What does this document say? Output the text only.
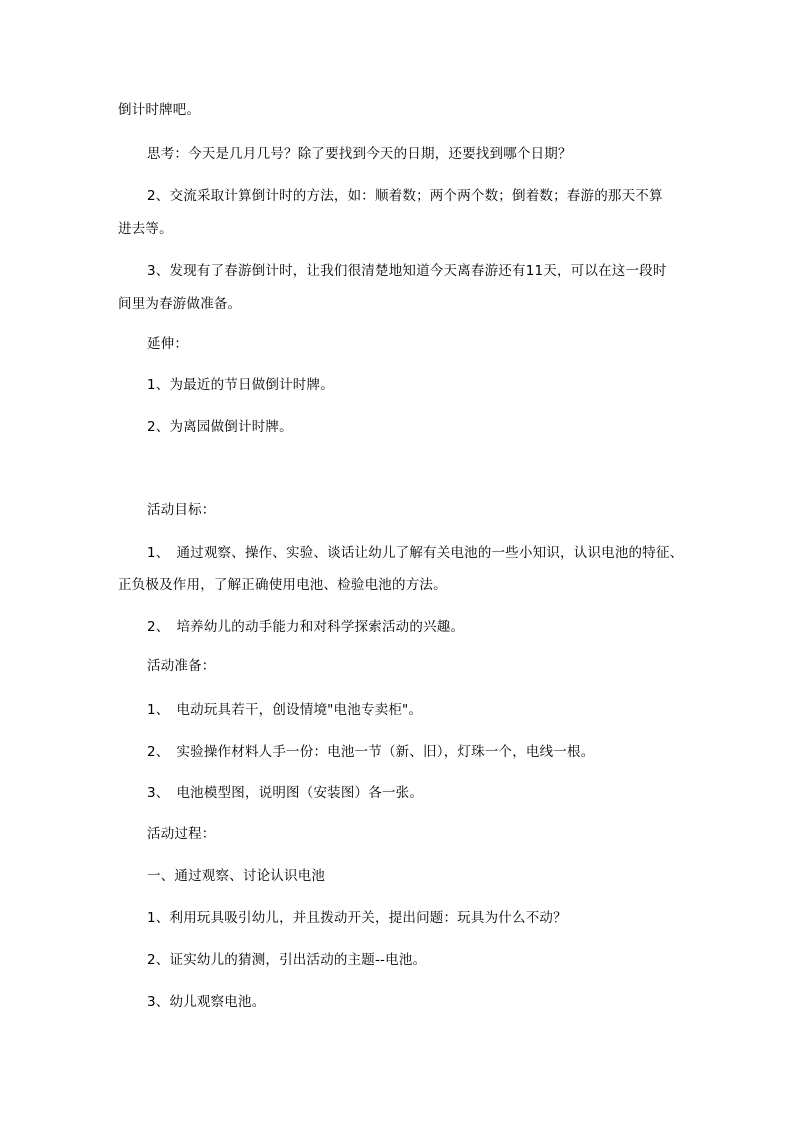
倒计时牌吧。
思考：今天是几月几号？除了要找到今天的日期，还要找到哪个日期？
2、交流采取计算倒计时的方法，如：顺着数；两个两个数；倒着数；春游的那天不算
进去等。
3、发现有了春游倒计时，让我们很清楚地知道今天离春游还有11天，可以在这一段时
间里为春游做准备。
延伸：
1、为最近的节日做倒计时牌。
2、为离园做倒计时牌。
活动目标：
1、　通过观察、操作、实验、谈话让幼儿了解有关电池的一些小知识，认识电池的特征、
正负极及作用，了解正确使用电池、检验电池的方法。
2、　培养幼儿的动手能力和对科学探索活动的兴趣。
活动准备：
1、　电动玩具若干，创设情境"电池专卖柜"。
2、　实验操作材料人手一份：电池一节（新、旧），灯珠一个，电线一根。
3、　电池模型图，说明图（安装图）各一张。
活动过程：
一、通过观察、讨论认识电池
1、利用玩具吸引幼儿，并且拨动开关，提出问题：玩具为什么不动？
2、证实幼儿的猜测，引出活动的主题--电池。
3、幼儿观察电池。
